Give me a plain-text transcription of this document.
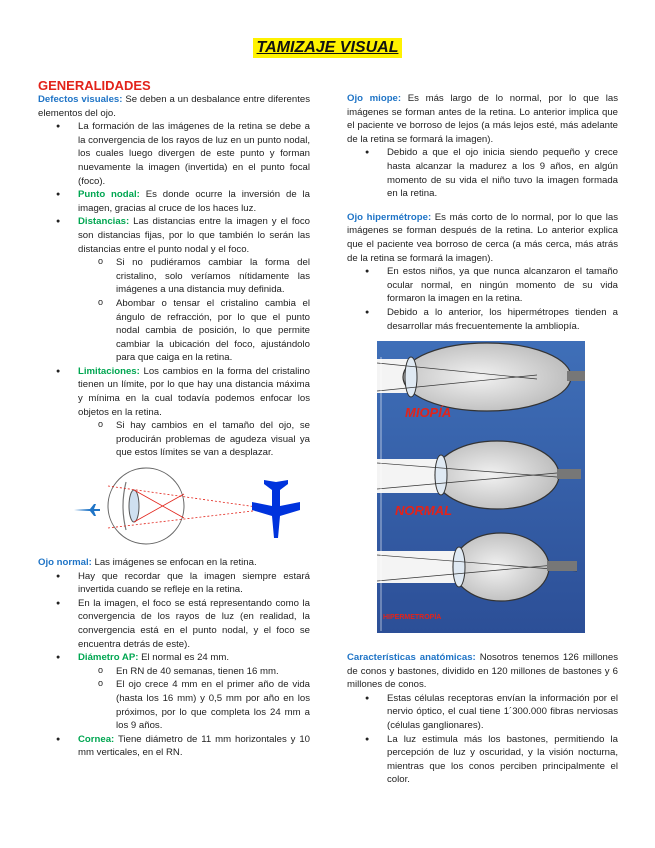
TAMIZAJE VISUAL
GENERALIDADES

Defectos visuales: Se deben a un desbalance entre diferentes elementos del ojo.

● La formación de las imágenes de la retina se debe a la convergencia de los rayos de luz en un punto nodal, los cuales luego divergen de este punto y forman nuevamente la imagen (invertida) en el punto focal (foco).
● Punto nodal: Es donde ocurre la inversión de la imagen, gracias al cruce de los haces luz.
● Distancias: Las distancias entre la imagen y el foco son distancias fijas, por lo que también lo serán las distancias entre el punto nodal y el foco.
o Si no pudiéramos cambiar la forma del cristalino, solo veríamos nítidamente las imágenes a una distancia muy definida.
o Abombar o tensar el cristalino cambia el ángulo de refracción, por lo que el punto nodal cambia de posición, lo que permite cambiar la ubicación del foco, ajustándolo para que caiga en la retina.
● Limitaciones: Los cambios en la forma del cristalino tienen un límite, por lo que hay una distancia máxima y mínima en la cual todavía podemos enfocar los objetos en la retina.
o Si hay cambios en el tamaño del ojo, se producirán problemas de agudeza visual ya que estos límites se van a desplazar.

Ojo normal: Las imágenes se enfocan en la retina.

● Hay que recordar que la imagen siempre estará invertida cuando se refleje en la retina.
● En la imagen, el foco se está representando como la convergencia de los rayos de luz (en realidad, la convergencia está en el punto nodal, y el foco se encuentra detrás de este).
● Diámetro AP: El normal es 24 mm.
o En RN de 40 semanas, tienen 16 mm.
o El ojo crece 4 mm en el primer año de vida (hasta los 16 mm) y 0,5 mm por año en los próximos, por lo que completa los 24 mm a los 9 años.
● Cornea: Tiene diámetro de 11 mm horizontales y 10 mm verticales, en el RN.

Ojo miope: Es más largo de lo normal, por lo que las imágenes se forman antes de la retina. Lo anterior implica que el paciente ve borroso de lejos (a más lejos esté, más adelante de la retina se formará la imagen).

● Debido a que el ojo inicia siendo pequeño y crece hasta alcanzar la madurez a los 9 años, en algún momento de su vida el niño tuvo la imagen formada en la retina.

Ojo hipermétrope: Es más corto de lo normal, por lo que las imágenes se forman después de la retina. Lo anterior explica que el paciente vea borroso de cerca (a más cerca, más atrás de la retina se formará la imagen).

● En estos niños, ya que nunca alcanzaron el tamaño ocular normal, en ningún momento de su vida formaron la imagen en la retina.
● Debido a lo anterior, los hipermétropes tienden a desarrollar más frecuentemente la ambliopía.
MIOPÍA
NORMAL
HIPERMETROPÍA

Características anatómicas: Nosotros tenemos 126 millones de conos y bastones, dividido en 120 millones de bastones y 6 millones de conos.

● Estas células receptoras envían la información por el nervio óptico, el cual tiene 1´300.000 fibras nerviosas (células ganglionares).
● La luz estimula más los bastones, permitiendo la percepción de luz y oscuridad, y la visión nocturna, mientras que los conos perciben principalmente el color.
